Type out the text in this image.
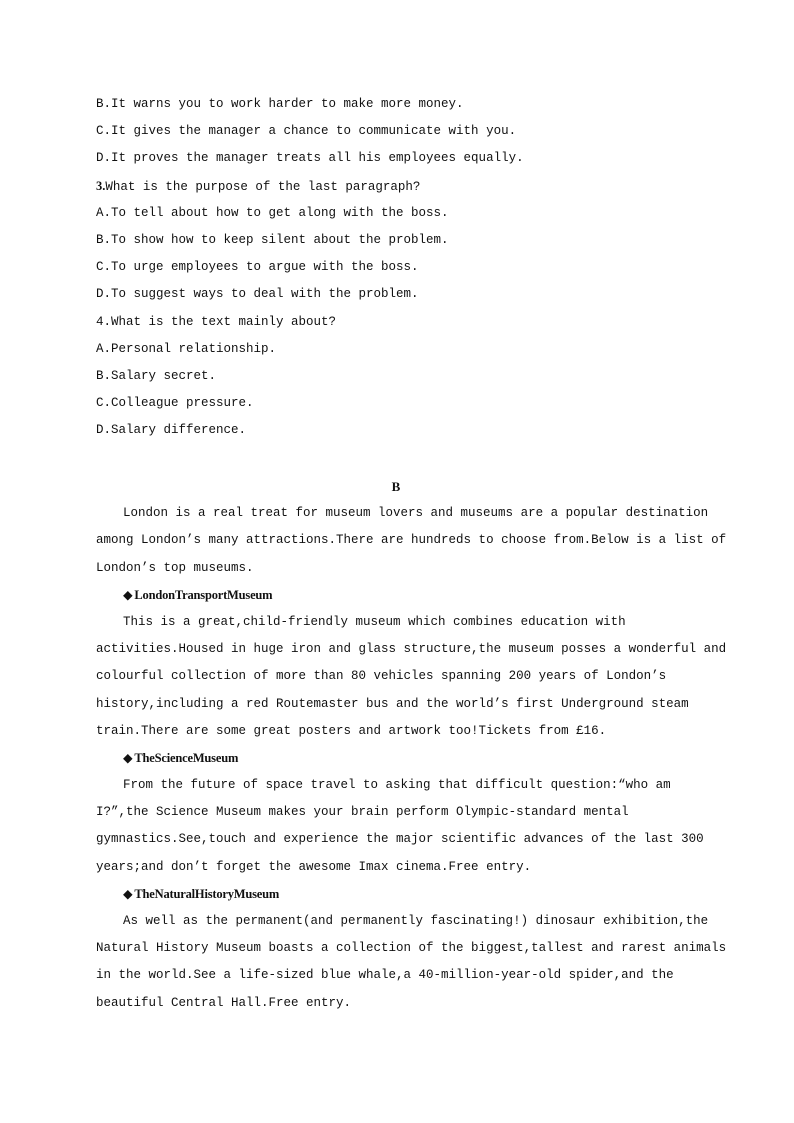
B.It warns you to work harder to make more money.
C.It gives the manager a chance to communicate with you.
D.It proves the manager treats all his employees equally.
3.What is the purpose of the last paragraph?
A.To tell about how to get along with the boss.
B.To show how to keep silent about the problem.
C.To urge employees to argue with the boss.
D.To suggest ways to deal with the problem.
4.What is the text mainly about?
A.Personal relationship.
B.Salary secret.
C.Colleague pressure.
D.Salary difference.
B
London is a real treat for museum lovers and museums are a popular destination
among London’s many attractions.There are hundreds to choose from.Below is a list of
London’s top museums.
◆ LondonTransportMuseum
This is a great,child-friendly museum which combines education with
activities.Housed in huge iron and glass structure,the museum posses a wonderful and
colourful collection of more than 80 vehicles spanning 200 years of London’s
history,including a red Routemaster bus and the world’s first Underground steam
train.There are some great posters and artwork too!Tickets from £16.
◆ TheScienceMuseum
From the future of space travel to asking that difficult question:“who am
I?”,the Science Museum makes your brain perform Olympic-standard mental
gymnastics.See,touch and experience the major scientific advances of the last 300
years;and don’t forget the awesome Imax cinema.Free entry.
◆ TheNaturalHistoryMuseum
As well as the permanent(and permanently fascinating!) dinosaur exhibition,the
Natural History Museum boasts a collection of the biggest,tallest and rarest animals
in the world.See a life-sized blue whale,a 40-million-year-old spider,and the
beautiful Central Hall.Free entry.
